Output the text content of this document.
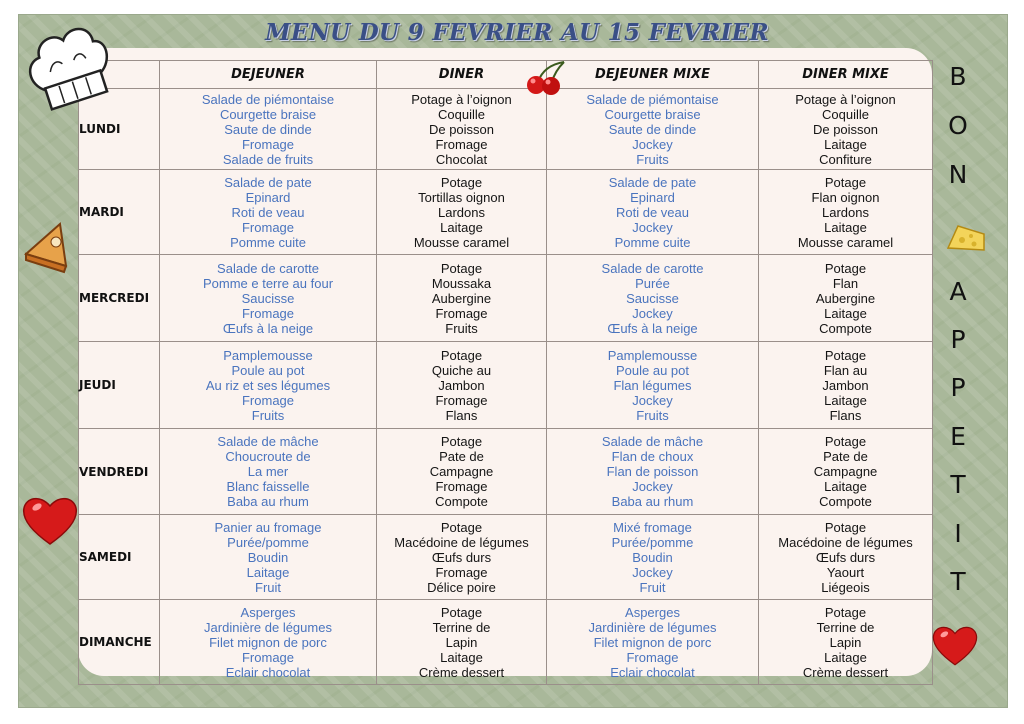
MENU DU 9 FEVRIER AU 15 FEVRIER
	DEJEUNER	DINER	DEJEUNER MIXE	DINER MIXE
LUNDI	Salade de piémontaise
Courgette braise
Saute de dinde
Fromage
Salade de fruits	Potage à l’oignon
Coquille
De poisson
Fromage
Chocolat	Salade de piémontaise
Courgette braise
Saute de dinde
Jockey
Fruits	Potage à l’oignon
Coquille
De poisson
Laitage
Confiture

MARDI	Salade de pate
Epinard
Roti de veau
Fromage
Pomme cuite	Potage
Tortillas oignon
Lardons
Laitage
Mousse caramel	Salade de pate
Epinard
Roti de veau
Jockey
Pomme cuite	Potage
Flan oignon
Lardons
Laitage
Mousse caramel

MERCREDI	Salade de carotte
Pomme e terre au four
Saucisse
Fromage
Œufs à la neige	Potage
Moussaka
Aubergine
Fromage
Fruits	Salade de carotte
Purée
Saucisse
Jockey
Œufs à la neige	Potage
Flan
Aubergine
Laitage
Compote

JEUDI	Pamplemousse
Poule au pot
Au riz et ses légumes
Fromage
Fruits	Potage
Quiche au
Jambon
Fromage
Flans	Pamplemousse
Poule au pot
Flan légumes
Jockey
Fruits	Potage
Flan au
Jambon
Laitage
Flans

VENDREDI	Salade de mâche
Choucroute de
La mer
Blanc faisselle
Baba au rhum	Potage
Pate de
Campagne
Fromage
Compote	Salade de mâche
Flan de choux
Flan de poisson
Jockey
Baba au rhum	Potage
Pate de
Campagne
Laitage
Compote

SAMEDI	Panier au fromage
Purée/pomme
Boudin
Laitage
Fruit	Potage
Macédoine de légumes
Œufs durs
Fromage
Délice poire	Mixé fromage
Purée/pomme
Boudin
Jockey
Fruit	Potage
Macédoine de légumes
Œufs durs
Yaourt
Liégeois

DIMANCHE	Asperges
Jardinière de légumes
Filet mignon de porc
Fromage
Eclair chocolat	Potage
Terrine de
Lapin
Laitage
Crème dessert	Asperges
Jardinière de légumes
Filet mignon de porc
Fromage
Eclair chocolat	Potage
Terrine de
Lapin
Laitage
Crème dessert
B
O
N
A
P
P
E
T
I
T
